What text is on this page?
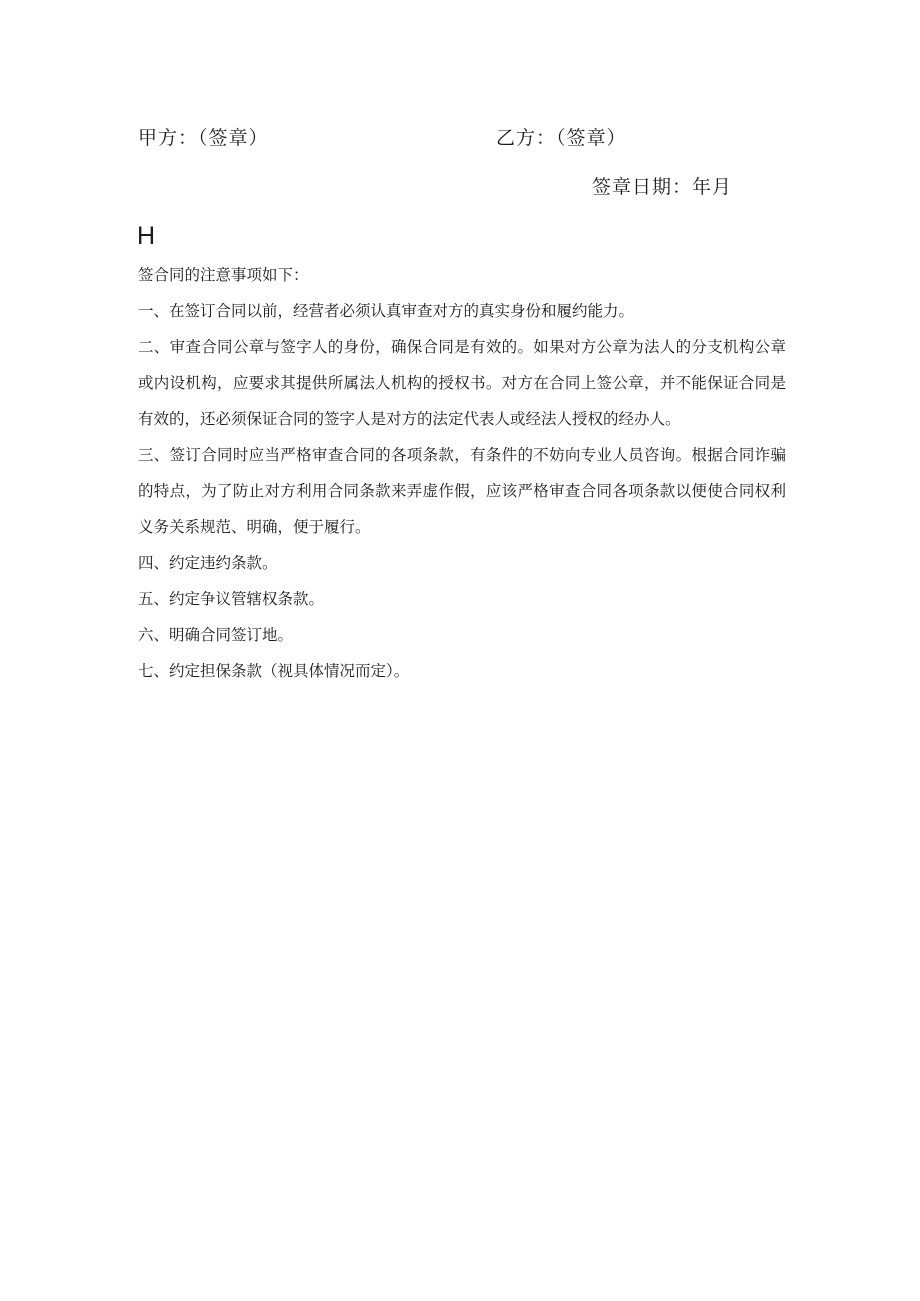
甲方：（签章）	乙方：（签章）
签章日期：年月
H

签合同的注意事项如下：

一、在签订合同以前，经营者必须认真审查对方的真实身份和履约能力。

二、审查合同公章与签字人的身份，确保合同是有效的。如果对方公章为法人的分支机构公章或内设机构，应要求其提供所属法人机构的授权书。对方在合同上签公章，并不能保证合同是有效的，还必须保证合同的签字人是对方的法定代表人或经法人授权的经办人。

三、签订合同时应当严格审查合同的各项条款，有条件的不妨向专业人员咨询。根据合同诈骗的特点，为了防止对方利用合同条款来弄虚作假，应该严格审查合同各项条款以便使合同权利义务关系规范、明确，便于履行。

四、约定违约条款。

五、约定争议管辖权条款。

六、明确合同签订地。

七、约定担保条款（视具体情况而定）。
